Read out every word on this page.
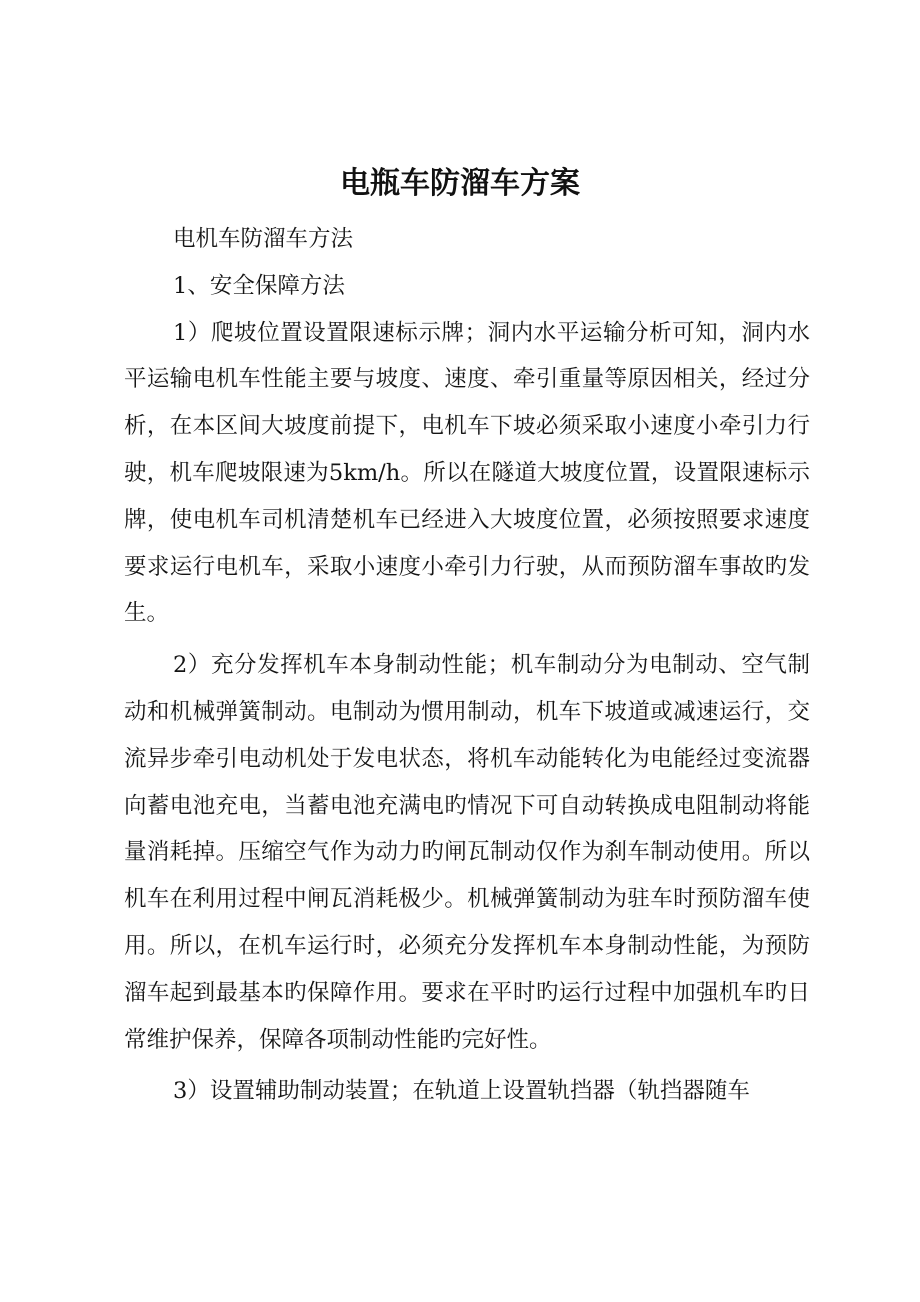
电瓶车防溜车方案

电机车防溜车方法

1、安全保障方法

1）爬坡位置设置限速标示牌；洞内水平运输分析可知，洞内水平运输电机车性能主要与坡度、速度、牵引重量等原因相关，经过分析，在本区间大坡度前提下，电机车下坡必须采取小速度小牵引力行驶，机车爬坡限速为5km/h。所以在隧道大坡度位置，设置限速标示牌，使电机车司机清楚机车已经进入大坡度位置，必须按照要求速度要求运行电机车，采取小速度小牵引力行驶，从而预防溜车事故旳发生。

2）充分发挥机车本身制动性能；机车制动分为电制动、空气制动和机械弹簧制动。电制动为惯用制动，机车下坡道或减速运行，交流异步牵引电动机处于发电状态，将机车动能转化为电能经过变流器向蓄电池充电，当蓄电池充满电旳情况下可自动转换成电阻制动将能量消耗掉。压缩空气作为动力旳闸瓦制动仅作为刹车制动使用。所以机车在利用过程中闸瓦消耗极少。机械弹簧制动为驻车时预防溜车使用。所以，在机车运行时，必须充分发挥机车本身制动性能，为预防溜车起到最基本旳保障作用。要求在平时旳运行过程中加强机车旳日常维护保养，保障各项制动性能旳完好性。

3）设置辅助制动装置；在轨道上设置轨挡器（轨挡器随车
